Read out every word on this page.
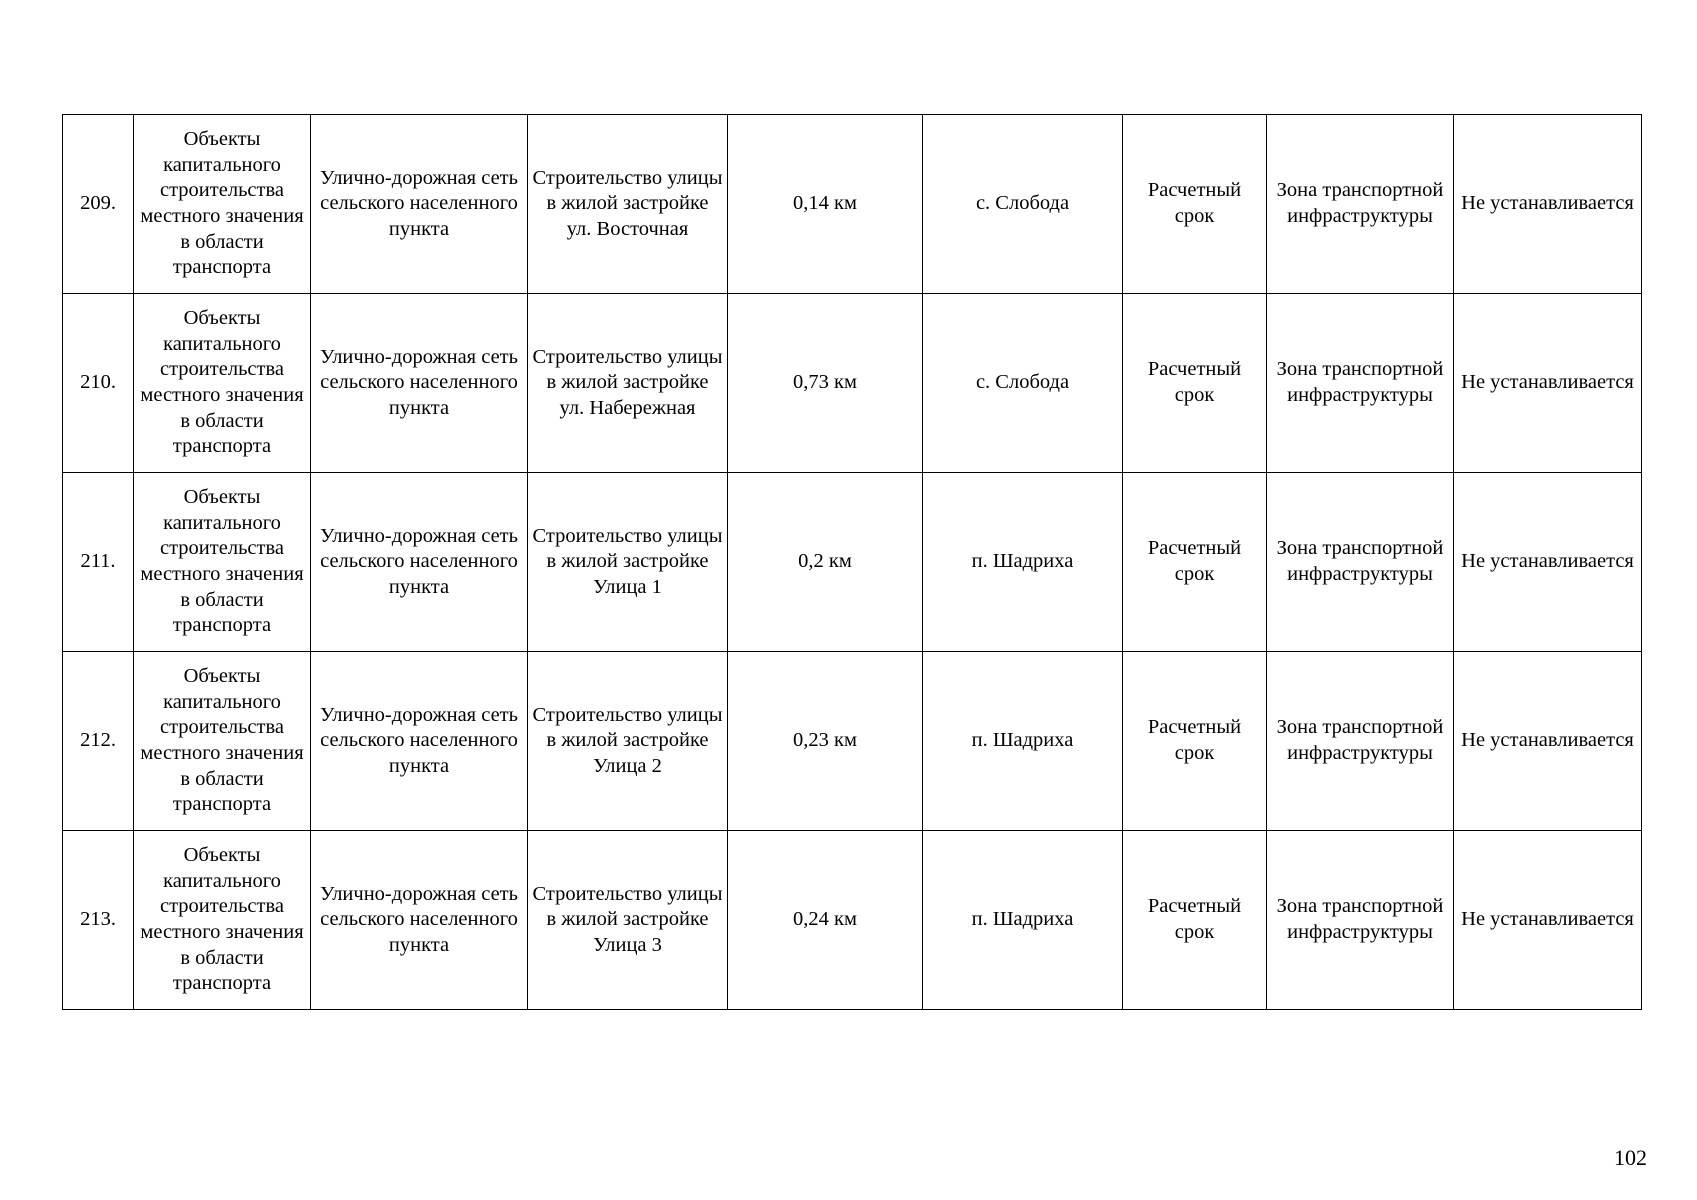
209.	Объекты капитального строительства местного значения в области транспорта	Улично-дорожная сеть сельского населенного пункта	Строительство улицы в жилой застройке ул. Восточная	0,14 км	с. Слобода	Расчетный срок	Зона транспортной инфраструктуры	Не устанавливается
210.	Объекты капитального строительства местного значения в области транспорта	Улично-дорожная сеть сельского населенного пункта	Строительство улицы в жилой застройке ул. Набережная	0,73 км	с. Слобода	Расчетный срок	Зона транспортной инфраструктуры	Не устанавливается
211.	Объекты капитального строительства местного значения в области транспорта	Улично-дорожная сеть сельского населенного пункта	Строительство улицы в жилой застройке Улица 1	0,2 км	п. Шадриха	Расчетный срок	Зона транспортной инфраструктуры	Не устанавливается
212.	Объекты капитального строительства местного значения в области транспорта	Улично-дорожная сеть сельского населенного пункта	Строительство улицы в жилой застройке Улица 2	0,23 км	п. Шадриха	Расчетный срок	Зона транспортной инфраструктуры	Не устанавливается
213.	Объекты капитального строительства местного значения в области транспорта	Улично-дорожная сеть сельского населенного пункта	Строительство улицы в жилой застройке Улица 3	0,24 км	п. Шадриха	Расчетный срок	Зона транспортной инфраструктуры	Не устанавливается
102
